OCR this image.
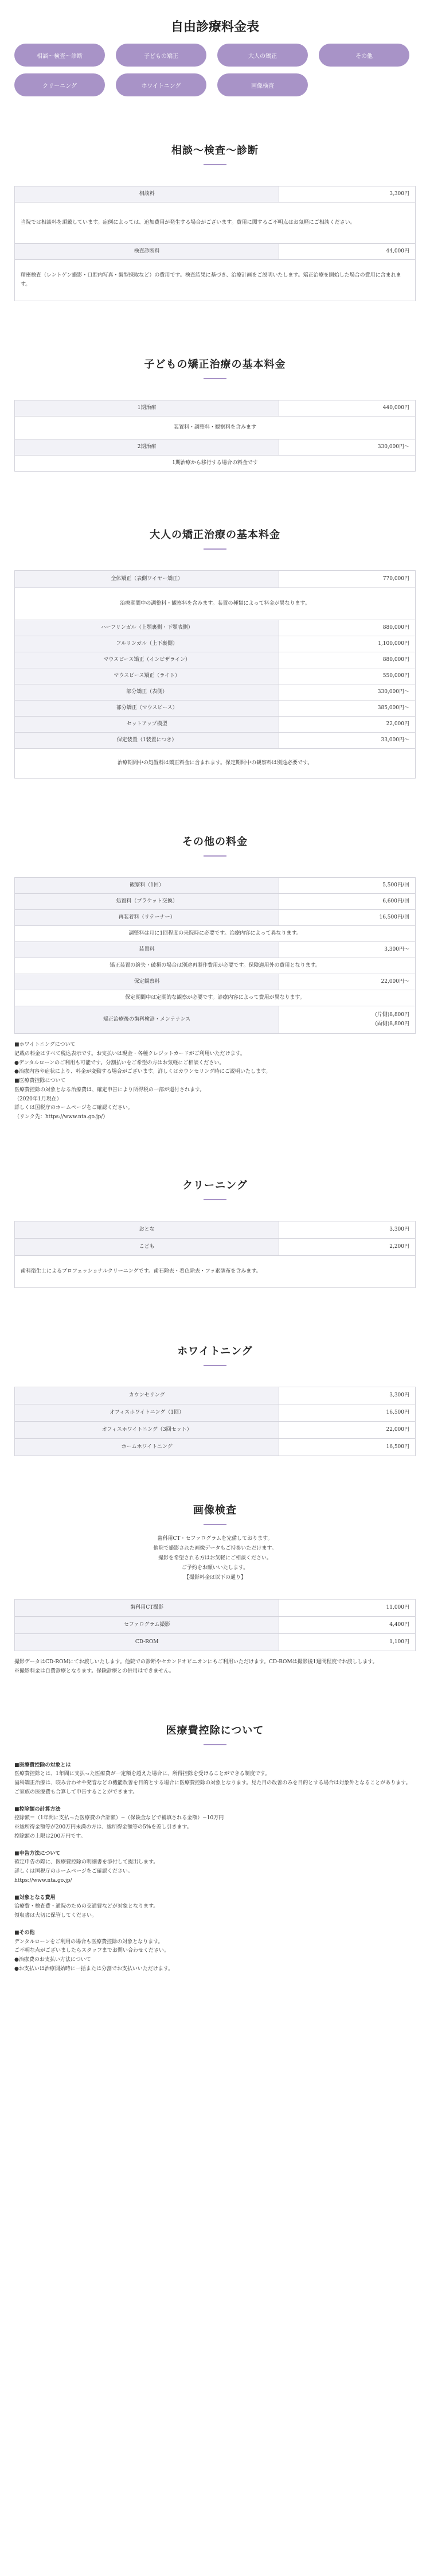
自由診療料金表
相談〜検査〜診断	子どもの矯正	大人の矯正	その他
クリーニング	ホワイトニング	画像検査
相談〜検査〜診断
相談料	3,300円
当院では相談料を頂戴しています。症例によっては、追加費用が発生する場合がございます。費用に関するご不明点はお気軽にご相談ください。	
検査診断料	44,000円
精密検査（レントゲン撮影・口腔内写真・歯型採取など）の費用です。検査結果に基づき、治療計画をご説明いたします。矯正治療を開始した場合の費用に含まれます。	
子どもの矯正治療の基本料金
1期治療	440,000円
装置料・調整料・観察料を含みます	
2期治療	330,000円〜
1期治療から移行する場合の料金です	
大人の矯正治療の基本料金
全体矯正（表側ワイヤー矯正）	770,000円
治療期間中の調整料・観察料を含みます。装置の種類によって料金が異なります。	
ハーフリンガル（上顎裏側・下顎表側）	880,000円
フルリンガル（上下裏側）	1,100,000円
マウスピース矯正（インビザライン）	880,000円
マウスピース矯正（ライト）	550,000円
部分矯正（表側）	330,000円〜
部分矯正（マウスピース）	385,000円〜
セットアップ模型	22,000円
保定装置（1装置につき）	33,000円〜
治療期間中の処置料は矯正料金に含まれます。保定期間中の観察料は別途必要です。	
その他の料金
観察料（1回）	5,500円/回
処置料（ブラケット交換）	6,600円/回
再装着料（リテーナー）	16,500円/回
調整料は月に1回程度の来院時に必要です。治療内容によって異なります。	
装置料	3,300円〜
矯正装置の紛失・破損の場合は別途再製作費用が必要です。保険適用外の費用となります。	
保定観察料	22,000円〜
保定期間中は定期的な観察が必要です。診療内容によって費用が異なります。	
矯正治療後の歯科検診・メンテナンス	(片側)8,800円
(両側)8,800円

■ホワイトニングについて

記載の料金はすべて税込表示です。お支払いは現金・各種クレジットカードがご利用いただけます。

●デンタルローンのご利用も可能です。分割払いをご希望の方はお気軽にご相談ください。

●治療内容や症状により、料金が変動する場合がございます。詳しくはカウンセリング時にご説明いたします。

■医療費控除について

医療費控除の対象となる治療費は、確定申告により所得税の一部が還付されます。

（2020年1月現在）

詳しくは国税庁のホームページをご確認ください。

（リンク先：https://www.nta.go.jp/）

クリーニング
おとな	3,300円
こども	2,200円
歯科衛生士によるプロフェッショナルクリーニングです。歯石除去・着色除去・フッ素塗布を含みます。	
ホワイトニング
カウンセリング	3,300円
オフィスホワイトニング（1回）	16,500円
オフィスホワイトニング（3回セット）	22,000円
ホームホワイトニング	16,500円
画像検査

歯科用CT・セファログラムを完備しております。

他院で撮影された画像データもご持参いただけます。

撮影を希望される方はお気軽にご相談ください。

ご予約をお願いいたします。

【撮影料金は以下の通り】

歯科用CT撮影	11,000円
セファログラム撮影	4,400円
CD-ROM	1,100円

撮影データはCD-ROMにてお渡しいたします。他院での診断やセカンドオピニオンにもご利用いただけます。CD-ROMは撮影後1週間程度でお渡しします。

※撮影料金は自費診療となります。保険診療との併用はできません。

医療費控除について

■医療費控除の対象とは

医療費控除とは、1年間に支払った医療費が一定額を超えた場合に、所得控除を受けることができる制度です。

歯科矯正治療は、咬み合わせや発音などの機能改善を目的とする場合に医療費控除の対象となります。見た目の改善のみを目的とする場合は対象外となることがあります。

ご家族の医療費も合算して申告することができます。

■控除額の計算方法

控除額＝（1年間に支払った医療費の合計額）−（保険金などで補填される金額）−10万円

※総所得金額等が200万円未満の方は、総所得金額等の5%を差し引きます。

控除額の上限は200万円です。

■申告方法について

確定申告の際に、医療費控除の明細書を添付して提出します。

詳しくは国税庁のホームページをご確認ください。

https://www.nta.go.jp/

■対象となる費用

治療費・検査費・通院のための交通費などが対象となります。

領収書は大切に保管してください。

■その他

デンタルローンをご利用の場合も医療費控除の対象となります。

ご不明な点がございましたらスタッフまでお問い合わせください。

●治療費のお支払い方法について

●お支払いは治療開始時に一括または分割でお支払いいただけます。
